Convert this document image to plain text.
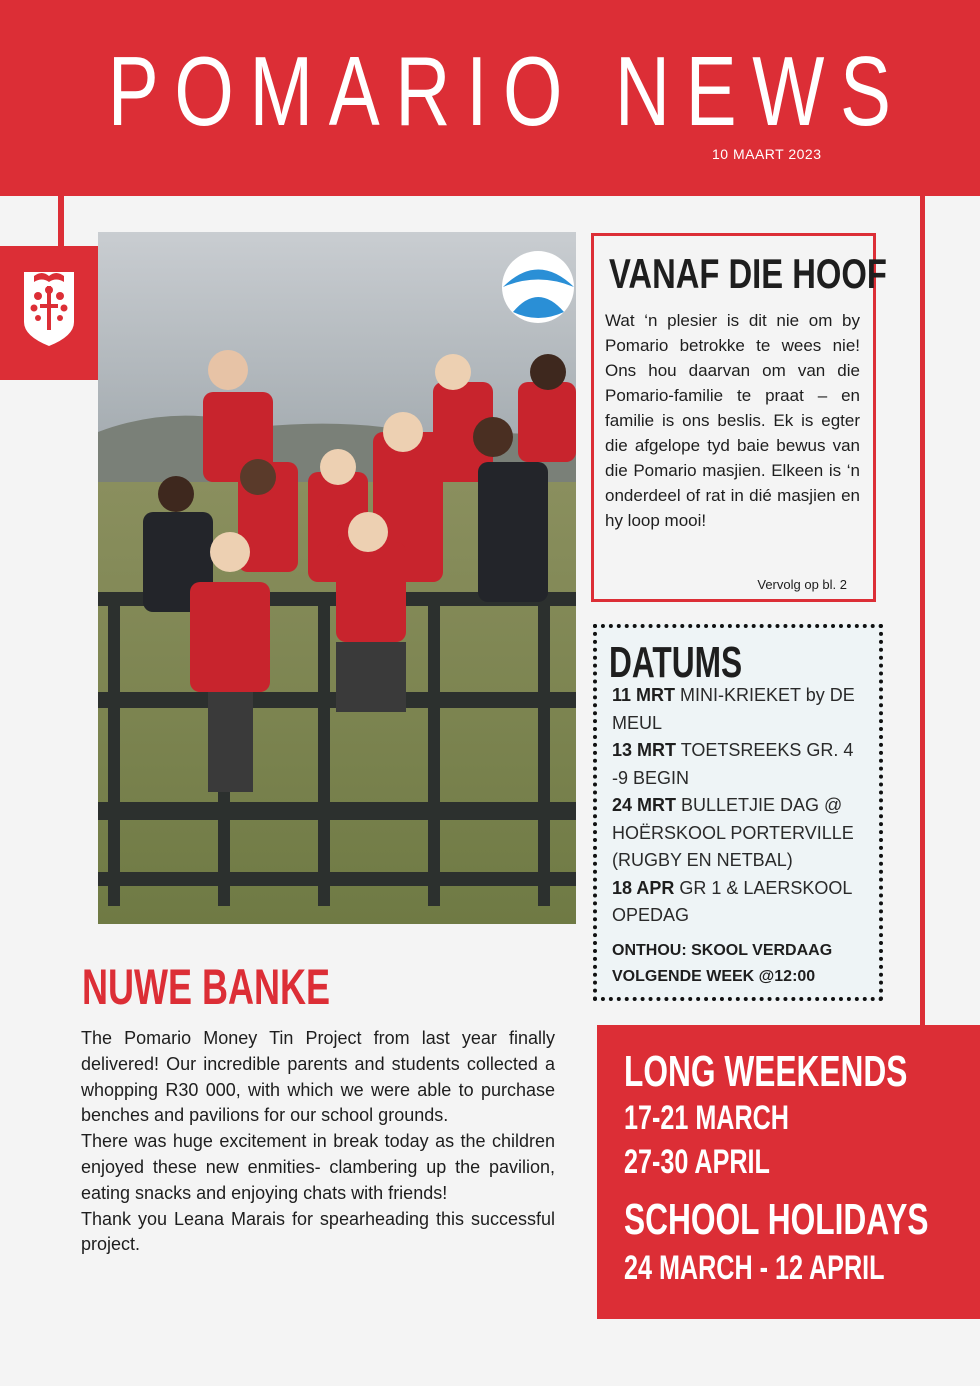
POMARIO NEWS
10 MAART 2023
VANAF DIE HOOF

Wat ‘n plesier is dit nie om by Pomario betrokke te wees nie! Ons hou daarvan om van die Pomario-familie te praat – en familie is ons beslis. Ek is egter die afgelope tyd baie bewus van die Pomario masjien. Elkeen is ‘n onderdeel of rat in dié masjien en hy loop mooi!

Vervolg op bl. 2
DATUMS
11 MRT MINI-KRIEKET by DE MEUL
13 MRT TOETSREEKS GR. 4 -9 BEGIN
24 MRT BULLETJIE DAG @ HOËRSKOOL PORTERVILLE (RUGBY EN NETBAL)
18 APR GR 1 & LAERSKOOL OPEDAG
ONTHOU: SKOOL VERDAAG VOLGENDE WEEK @12:00
NUWE BANKE

The Pomario Money Tin Project from last year finally delivered! Our incredible parents and students collected a whopping R30 000, with which we were able to purchase benches and pavilions for our school grounds.

There was huge excitement in break today as the children enjoyed these new enmities- clambering up the pavilion, eating snacks and enjoying chats with friends!

Thank you Leana Marais for spearheading this successful project.

LONG WEEKENDS
17-21 MARCH
27-30 APRIL
SCHOOL HOLIDAYS
24 MARCH - 12 APRIL
